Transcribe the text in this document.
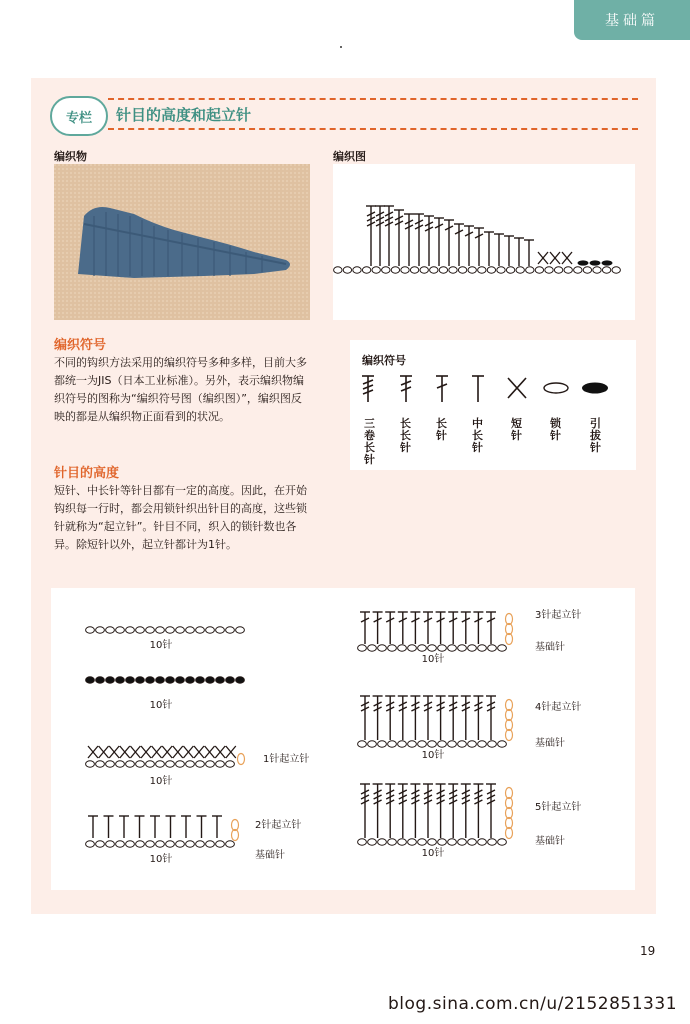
基础篇
专栏	针目的高度和起立针
编织物	编织图
编织符号
不同的钩织方法采用的编织符号多种多样，目前大多都统一为JIS（日本工业标准）。另外，表示编织物编织符号的图称为“编织符号图（编织图）”，编织图反映的都是从编织物正面看到的状况。
编织符号
三卷长针
长长针
长针
中长针
短针
锁针
引拔针
针目的高度
短针、中长针等针目都有一定的高度。因此，在开始钩织每一行时，都会用锁针织出针目的高度，这些锁针就称为“起立针”。针目不同，织入的锁针数也各异。除短针以外，起立针都计为1针。
10针
10针
1针起立针
10针
2针起立针
基础针
10针
3针起立针
基础针
10针
4针起立针
基础针
10针
5针起立针
基础针
10针
19
blog.sina.com.cn/u/2152851331
